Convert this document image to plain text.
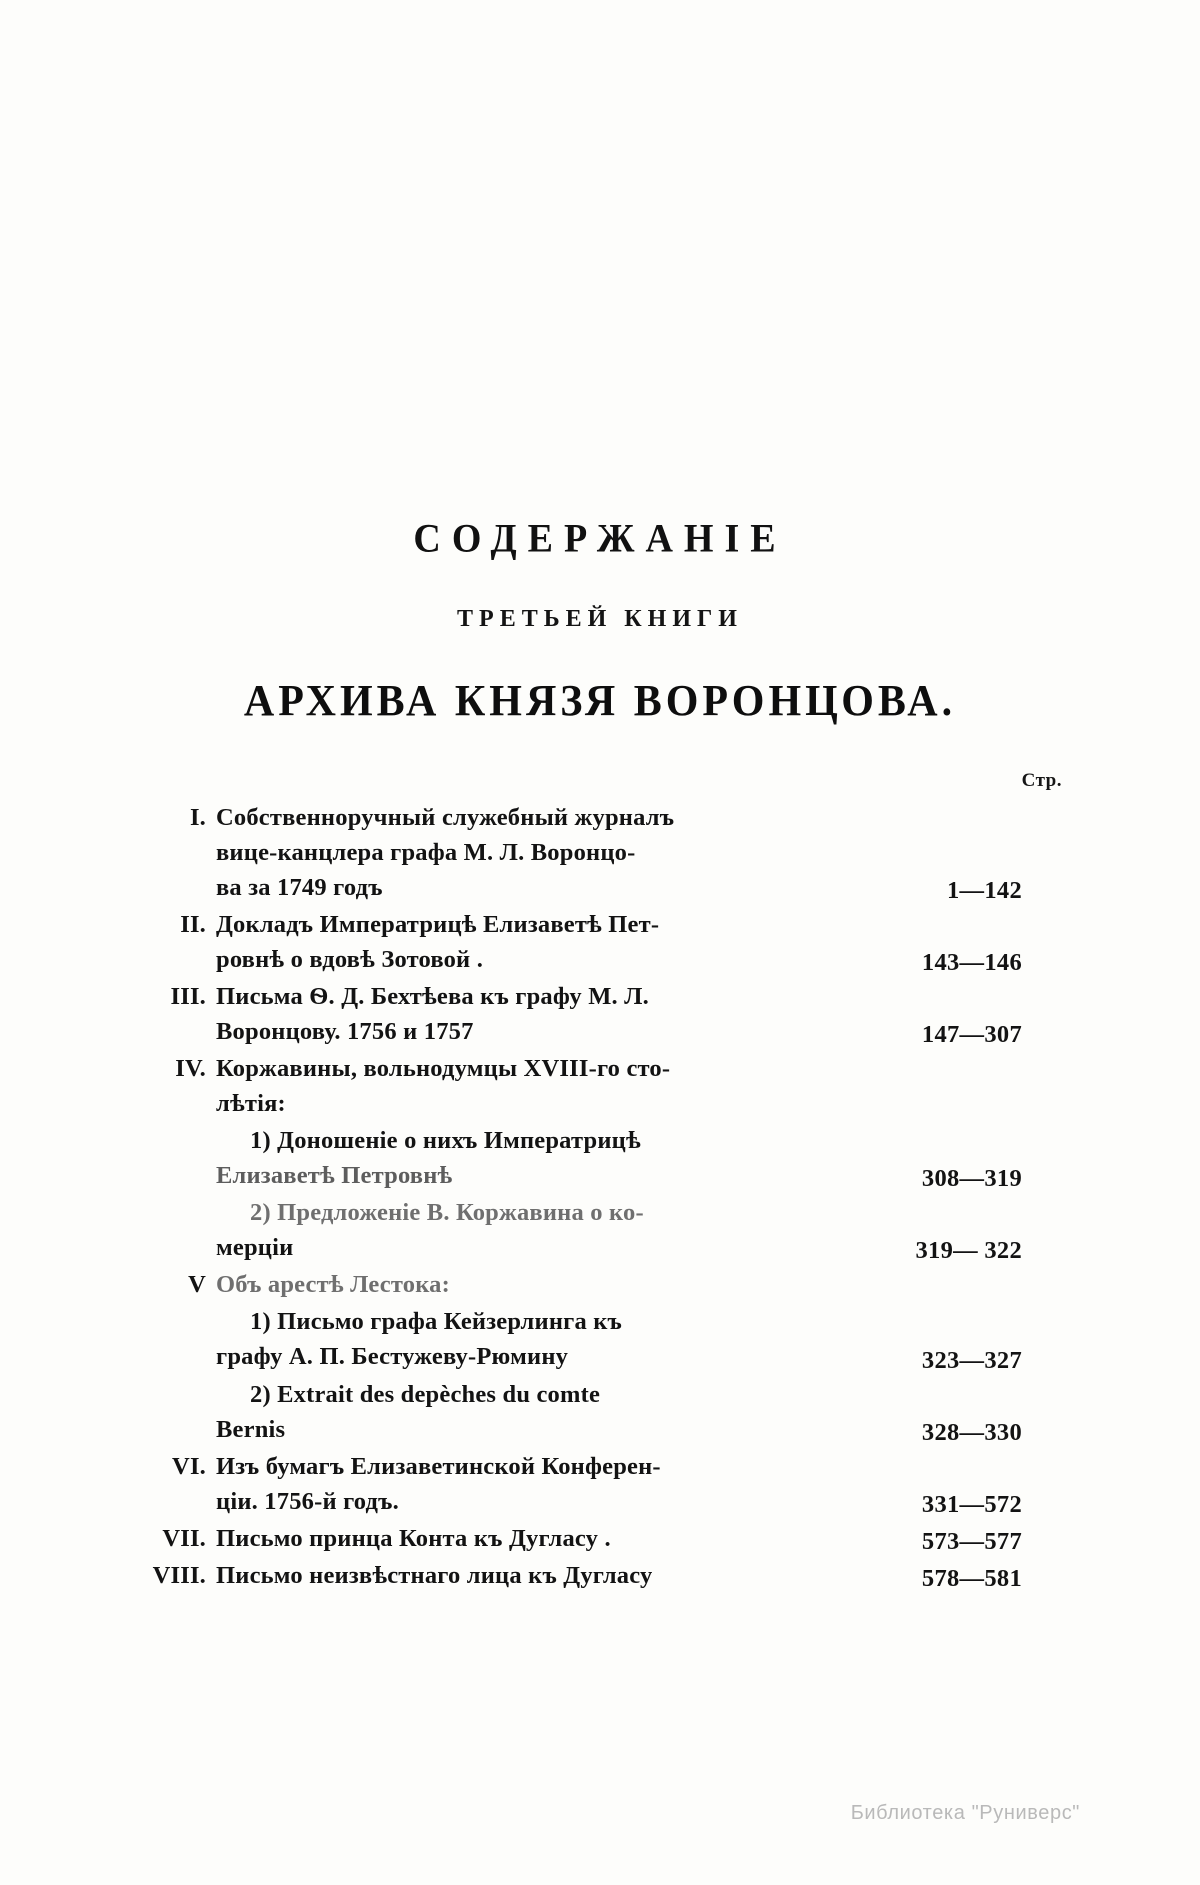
СОДЕРЖАНІЕ
ТРЕТЬЕЙ КНИГИ
АРХИВА КНЯЗЯ ВОРОНЦОВА.
Стр.
I. Собственноручный служебный журналъ
вице-канцлера графа М. Л. Воронцо-
ва за 1749 годъ	1—142
II. Докладъ Императрицѣ Елизаветѣ Пет-
ровнѣ о вдовѣ Зотовой .	143—146
III. Письма Ѳ. Д. Бехтѣева къ графу М. Л.
Воронцову. 1756 и 1757	147—307
IV. Коржавины, вольнодумцы XVIII-го сто-
лѣтія:
1) Доношеніе о нихъ Императрицѣ
Елизаветѣ Петровнѣ	308—319
2) Предложеніе В. Коржавина о ко-
мерціи	319— 322
V Объ арестѣ Лестока:
1) Письмо графа Кейзерлинга къ
графу А. П. Бестужеву-Рюмину	323—327
2) Extrait des depèches du comte
Bernis	328—330
VI. Изъ бумагъ Елизаветинской Конферен-
ціи. 1756-й годъ.	331—572
VII. Письмо принца Конта къ Дугласу .	573—577
VIII. Письмо неизвѣстнаго лица къ Дугласу	578—581
Библиотека "Руниверс"
